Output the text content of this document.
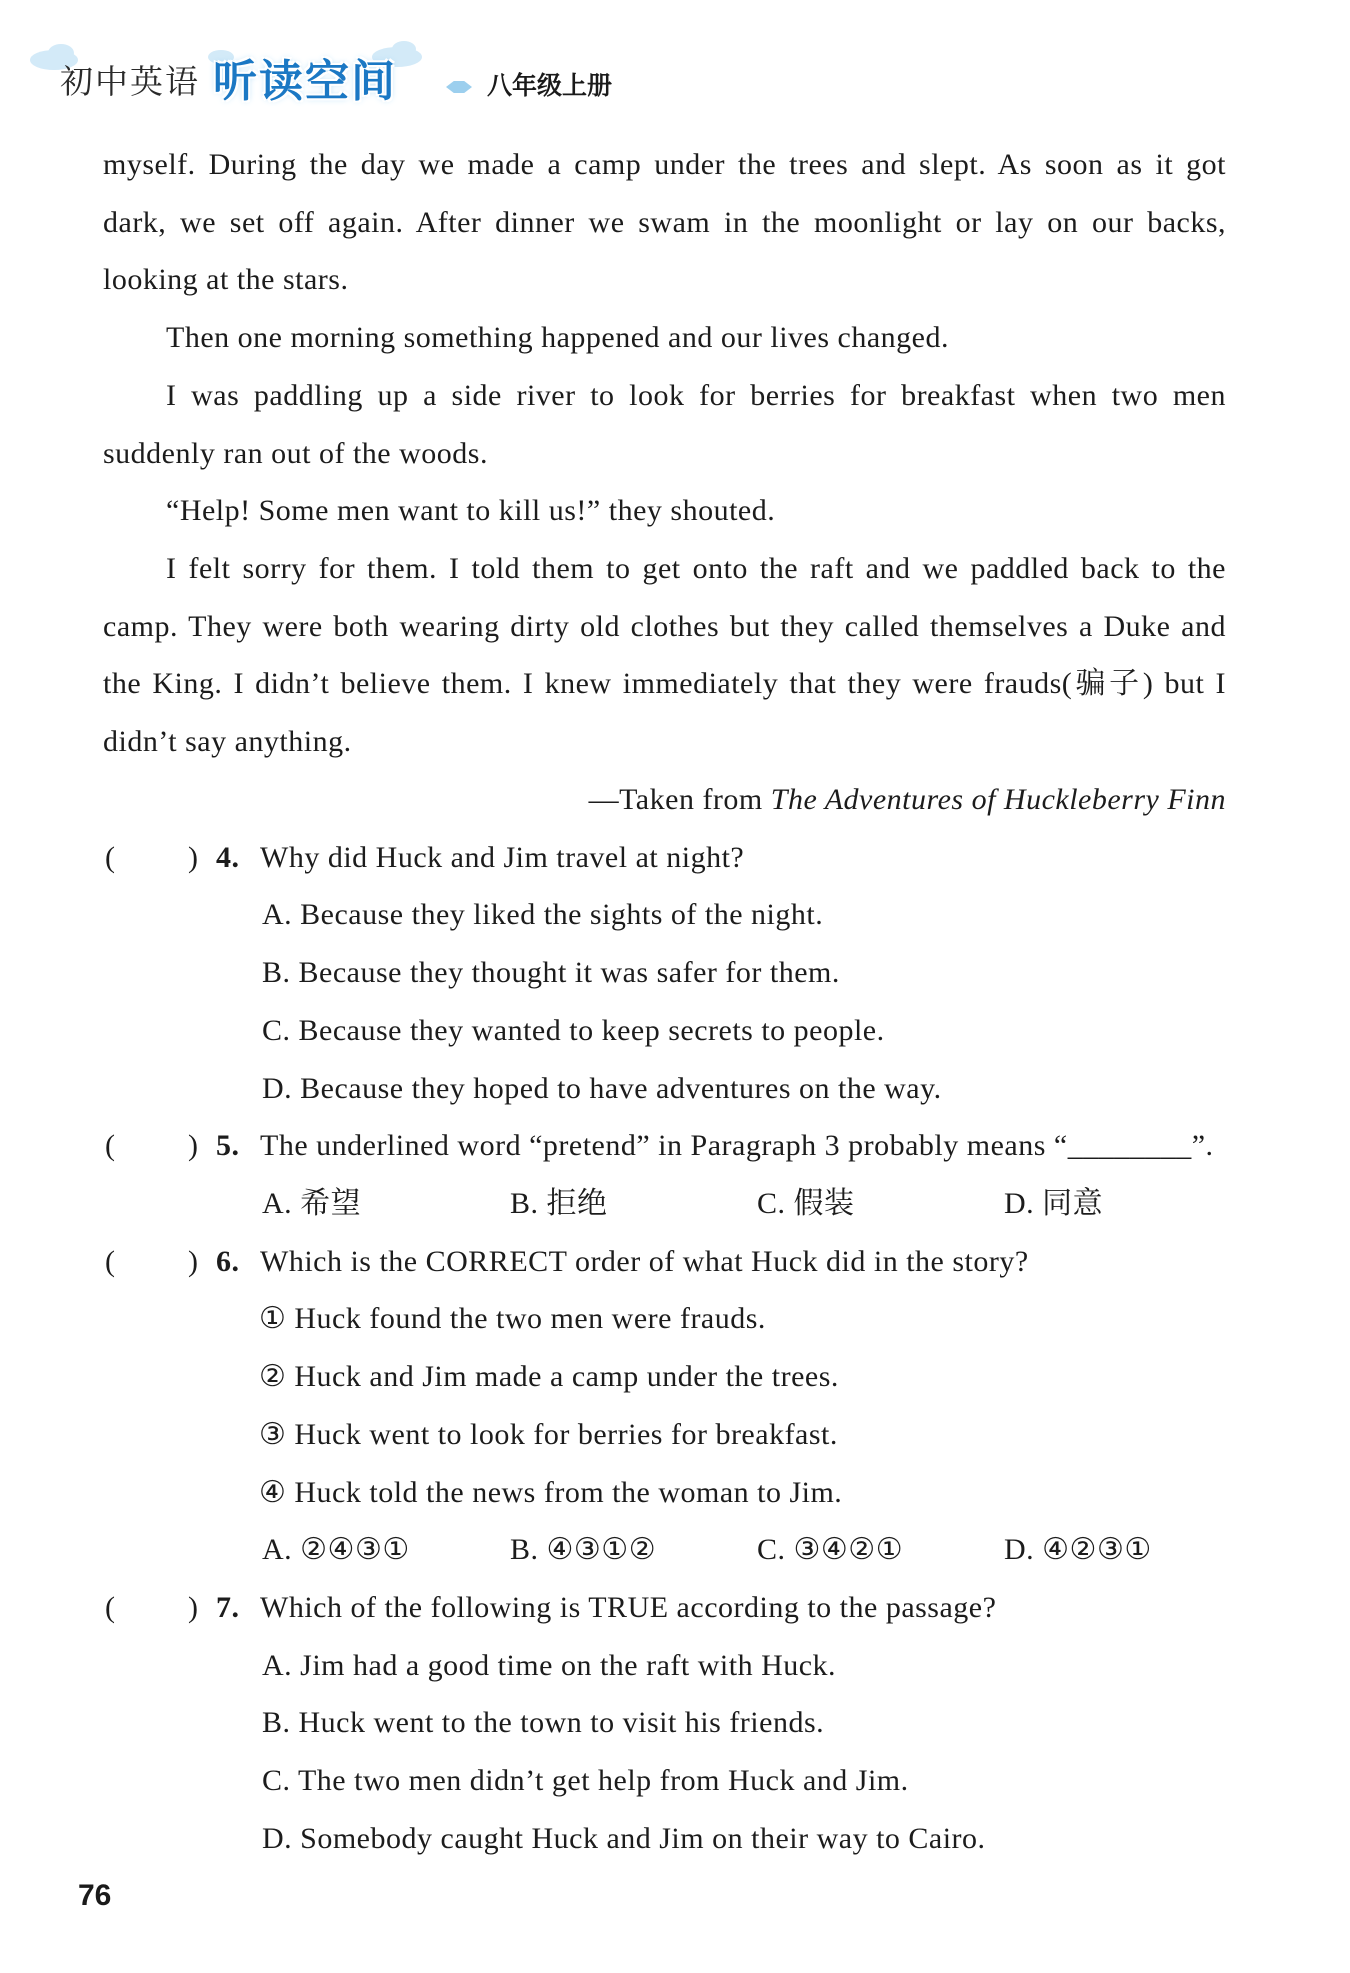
初中英语 听读空间	八年级上册
myself. During the day we made a camp under the trees and slept. As soon as it got
dark, we set off again. After dinner we swam in the moonlight or lay on our backs,
looking at the stars.
Then one morning something happened and our lives changed.
I was paddling up a side river to look for berries for breakfast when two men
suddenly ran out of the woods.
“Help! Some men want to kill us!” they shouted.
I felt sorry for them. I told them to get onto the raft and we paddled back to the
camp. They were both wearing dirty old clothes but they called themselves a Duke and
the King. I didn’t believe them. I knew immediately that they were frauds(骗子) but I
didn’t say anything.
—Taken from The Adventures of Huckleberry Finn
( ) 4. Why did Huck and Jim travel at night?
A. Because they liked the sights of the night.
B. Because they thought it was safer for them.
C. Because they wanted to keep secrets to people.
D. Because they hoped to have adventures on the way.
( ) 5. The underlined word “pretend” in Paragraph 3 probably means “________”.
A. 希望	B. 拒绝	C. 假装	D. 同意
( ) 6. Which is the CORRECT order of what Huck did in the story?
① Huck found the two men were frauds.
② Huck and Jim made a camp under the trees.
③ Huck went to look for berries for breakfast.
④ Huck told the news from the woman to Jim.
A. ②④③①	B. ④③①②	C. ③④②①	D. ④②③①
( ) 7. Which of the following is TRUE according to the passage?
A. Jim had a good time on the raft with Huck.
B. Huck went to the town to visit his friends.
C. The two men didn’t get help from Huck and Jim.
D. Somebody caught Huck and Jim on their way to Cairo.
76
